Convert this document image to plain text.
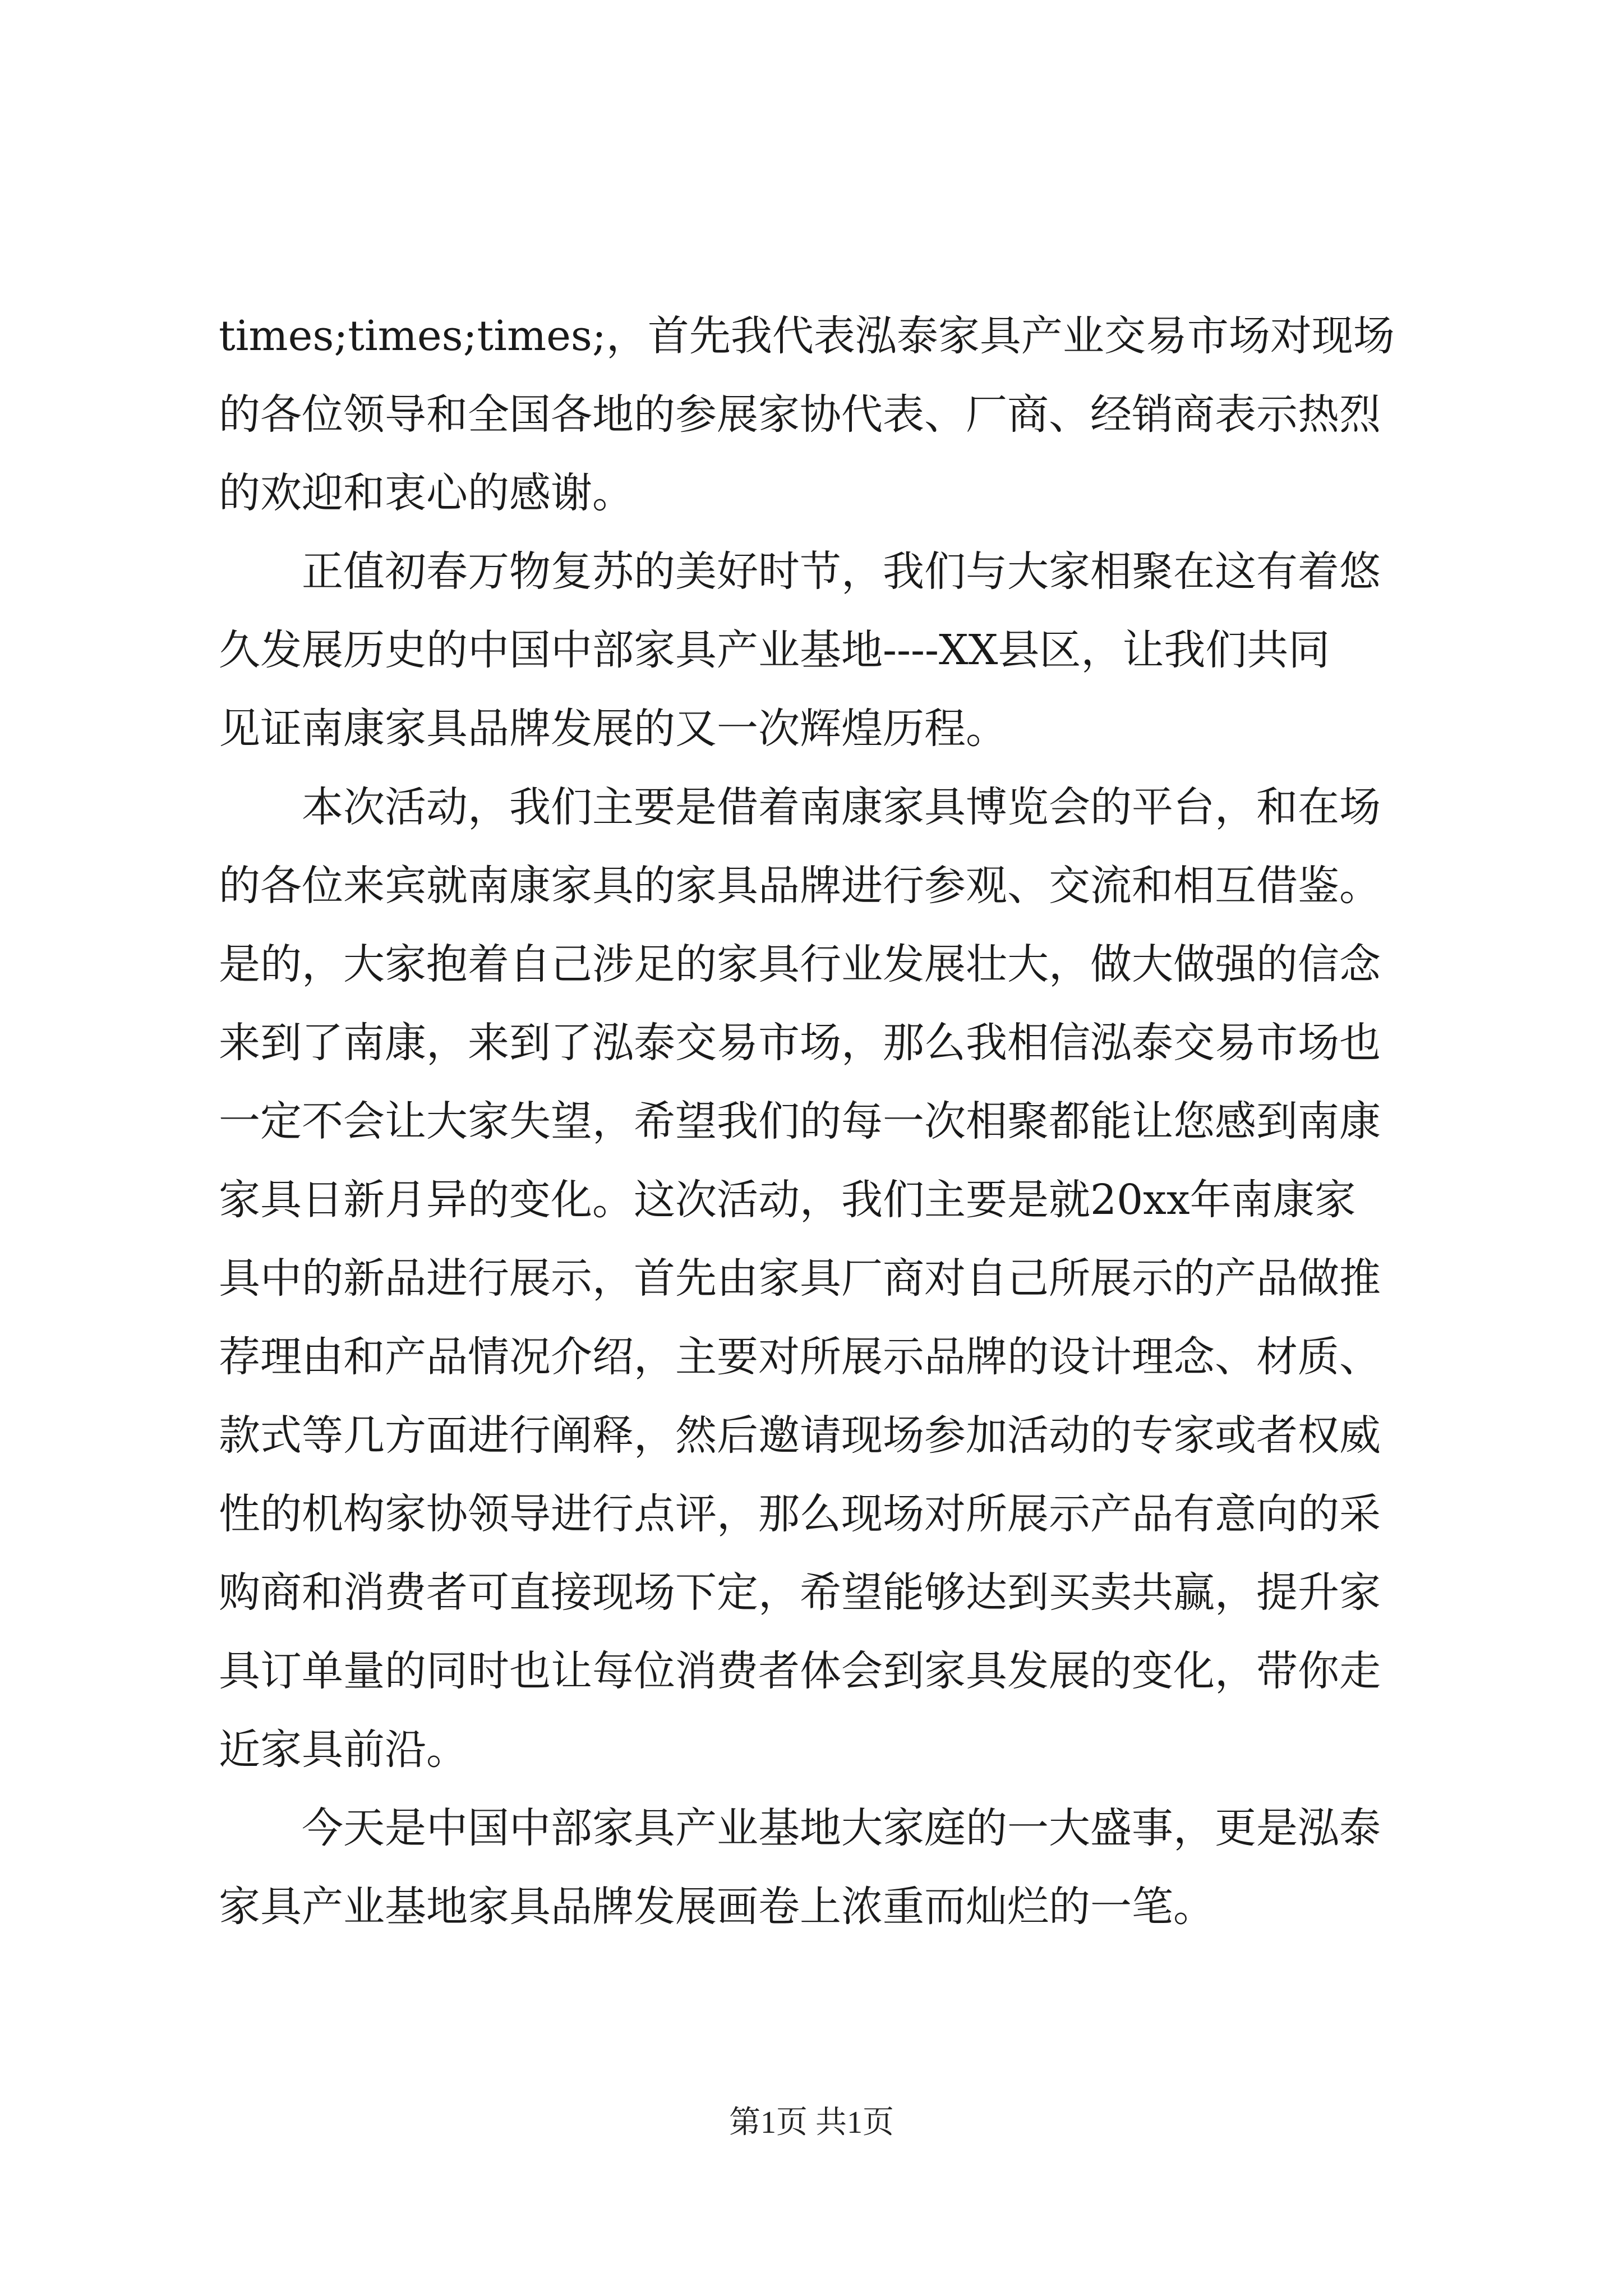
times;times;times;，首先我代表泓泰家具产业交易市场对现场

的各位领导和全国各地的参展家协代表、厂商、经销商表示热烈

的欢迎和衷心的感谢。

正值初春万物复苏的美好时节，我们与大家相聚在这有着悠

久发展历史的中国中部家具产业基地----XX县区，让我们共同

见证南康家具品牌发展的又一次辉煌历程。

本次活动，我们主要是借着南康家具博览会的平台，和在场

的各位来宾就南康家具的家具品牌进行参观、交流和相互借鉴。

是的，大家抱着自己涉足的家具行业发展壮大，做大做强的信念

来到了南康，来到了泓泰交易市场，那么我相信泓泰交易市场也

一定不会让大家失望，希望我们的每一次相聚都能让您感到南康

家具日新月异的变化。这次活动，我们主要是就20xx年南康家

具中的新品进行展示，首先由家具厂商对自己所展示的产品做推

荐理由和产品情况介绍，主要对所展示品牌的设计理念、材质、

款式等几方面进行阐释，然后邀请现场参加活动的专家或者权威

性的机构家协领导进行点评，那么现场对所展示产品有意向的采

购商和消费者可直接现场下定，希望能够达到买卖共赢，提升家

具订单量的同时也让每位消费者体会到家具发展的变化，带你走

近家具前沿。

今天是中国中部家具产业基地大家庭的一大盛事，更是泓泰

家具产业基地家具品牌发展画卷上浓重而灿烂的一笔。

第1页 共1页
